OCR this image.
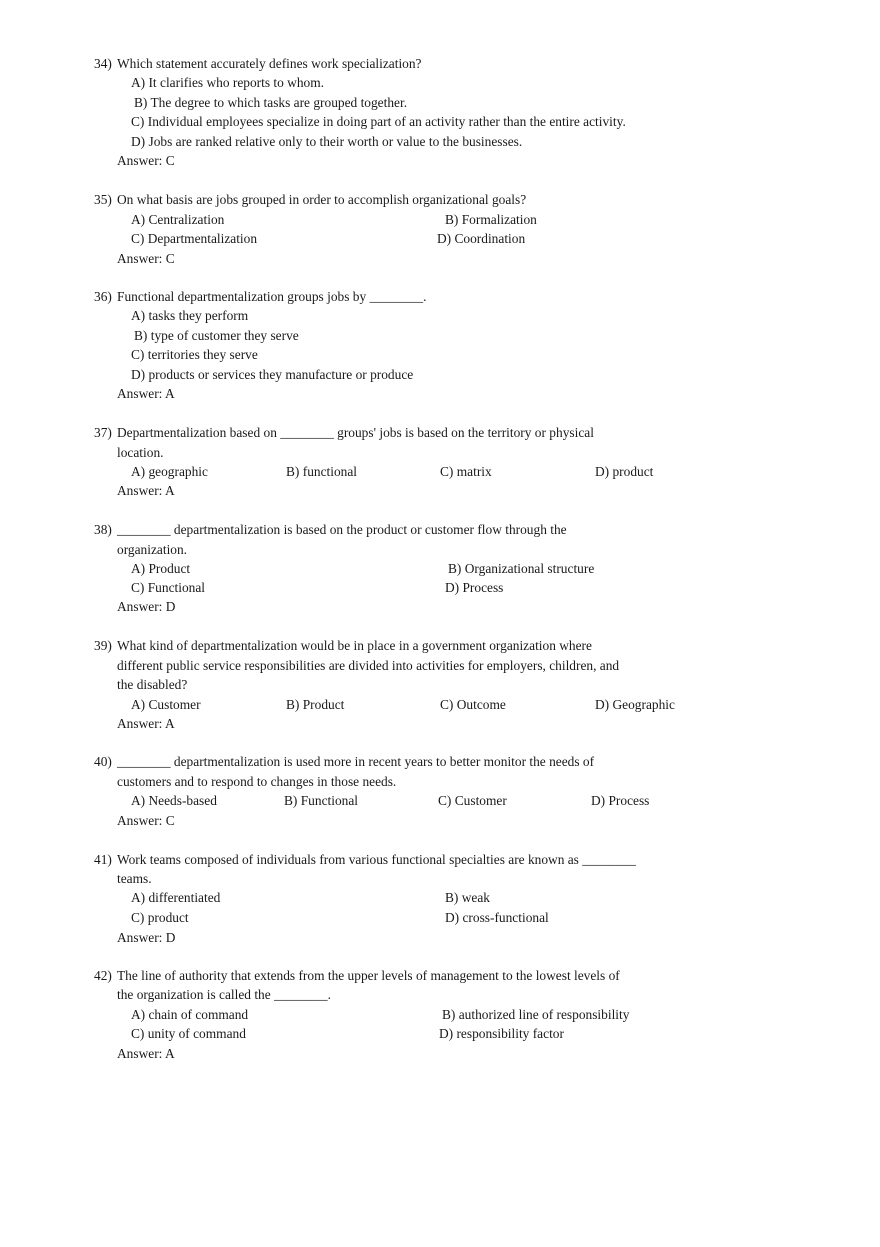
34) Which statement accurately defines work specialization?
A) It clarifies who reports to whom.
B) The degree to which tasks are grouped together.
C) Individual employees specialize in doing part of an activity rather than the entire activity.
D) Jobs are ranked relative only to their worth or value to the businesses.
Answer: C
35) On what basis are jobs grouped in order to accomplish organizational goals?
A) Centralization	B) Formalization
C) Departmentalization	D) Coordination
Answer: C
36) Functional departmentalization groups jobs by ________.
A) tasks they perform
B) type of customer they serve
C) territories they serve
D) products or services they manufacture or produce
Answer: A
37) Departmentalization based on ________ groups' jobs is based on the territory or physical
location.
A) geographic	B) functional	C) matrix	D) product
Answer: A
38) ________ departmentalization is based on the product or customer flow through the
organization.
A) Product	B) Organizational structure
C) Functional	D) Process
Answer: D
39) What kind of departmentalization would be in place in a government organization where
different public service responsibilities are divided into activities for employers, children, and
the disabled?
A) Customer	B) Product	C) Outcome	D) Geographic
Answer: A
40) ________ departmentalization is used more in recent years to better monitor the needs of
customers and to respond to changes in those needs.
A) Needs-based	B) Functional	C) Customer	D) Process
Answer: C
41) Work teams composed of individuals from various functional specialties are known as ________
teams.
A) differentiated	B) weak
C) product	D) cross-functional
Answer: D
42) The line of authority that extends from the upper levels of management to the lowest levels of
the organization is called the ________.
A) chain of command	B) authorized line of responsibility
C) unity of command	D) responsibility factor
Answer: A
